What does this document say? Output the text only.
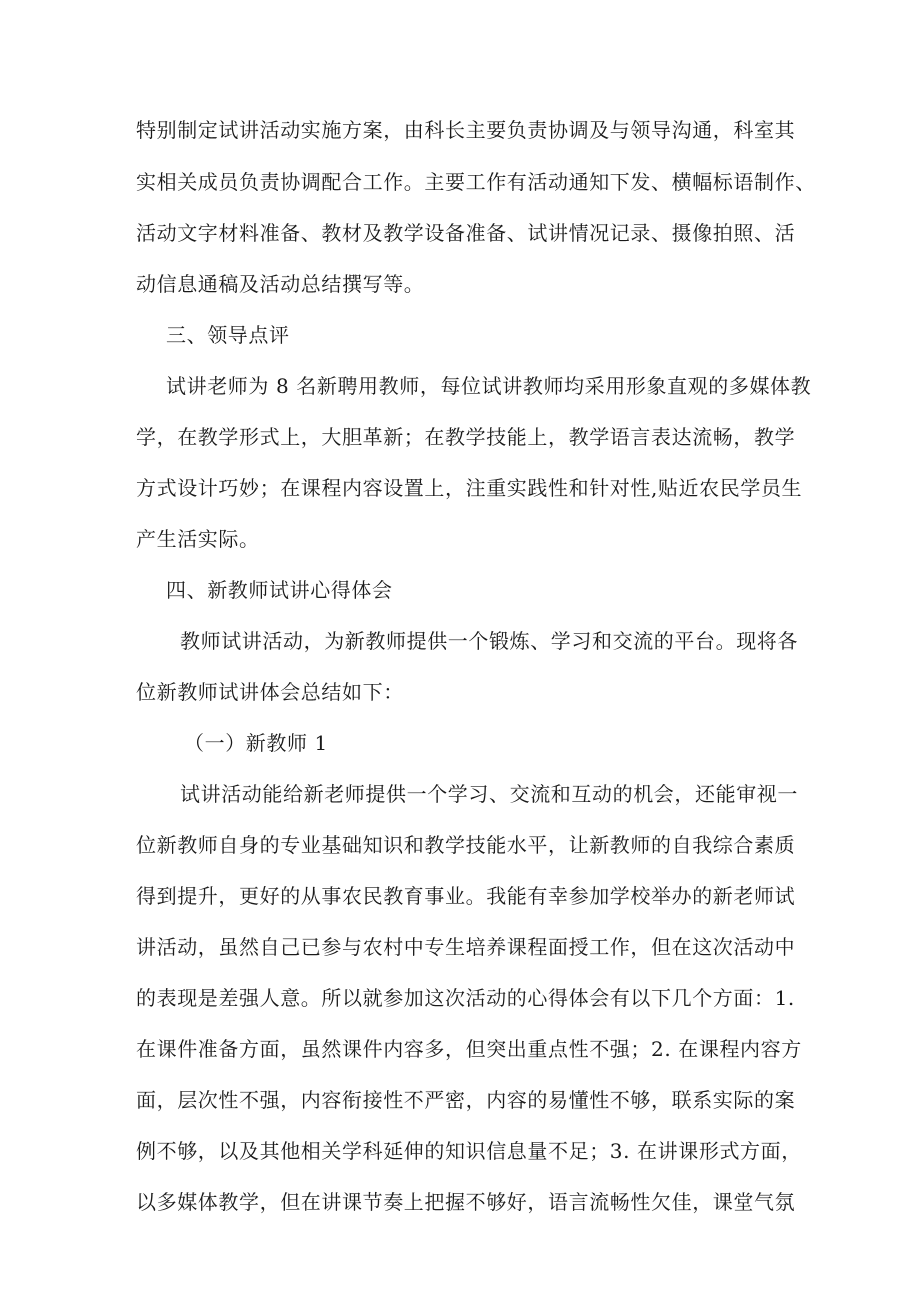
特别制定试讲活动实施方案，由科长主要负责协调及与领导沟通，科室其
实相关成员负责协调配合工作。主要工作有活动通知下发、横幅标语制作、
活动文字材料准备、教材及教学设备准备、试讲情况记录、摄像拍照、活
动信息通稿及活动总结撰写等。
三、领导点评
试讲老师为 8 名新聘用教师，每位试讲教师均采用形象直观的多媒体教
学，在教学形式上，大胆革新；在教学技能上，教学语言表达流畅，教学
方式设计巧妙；在课程内容设置上，注重实践性和针对性,贴近农民学员生
产生活实际。
四、新教师试讲心得体会
教师试讲活动，为新教师提供一个锻炼、学习和交流的平台。现将各
位新教师试讲体会总结如下：
（一）新教师 1
试讲活动能给新老师提供一个学习、交流和互动的机会，还能审视一
位新教师自身的专业基础知识和教学技能水平，让新教师的自我综合素质
得到提升，更好的从事农民教育事业。我能有幸参加学校举办的新老师试
讲活动，虽然自己已参与农村中专生培养课程面授工作，但在这次活动中
的表现是差强人意。所以就参加这次活动的心得体会有以下几个方面：1.
在课件准备方面，虽然课件内容多，但突出重点性不强；2. 在课程内容方
面，层次性不强，内容衔接性不严密，内容的易懂性不够，联系实际的案
例不够，以及其他相关学科延伸的知识信息量不足；3. 在讲课形式方面，
以多媒体教学，但在讲课节奏上把握不够好，语言流畅性欠佳，课堂气氛
